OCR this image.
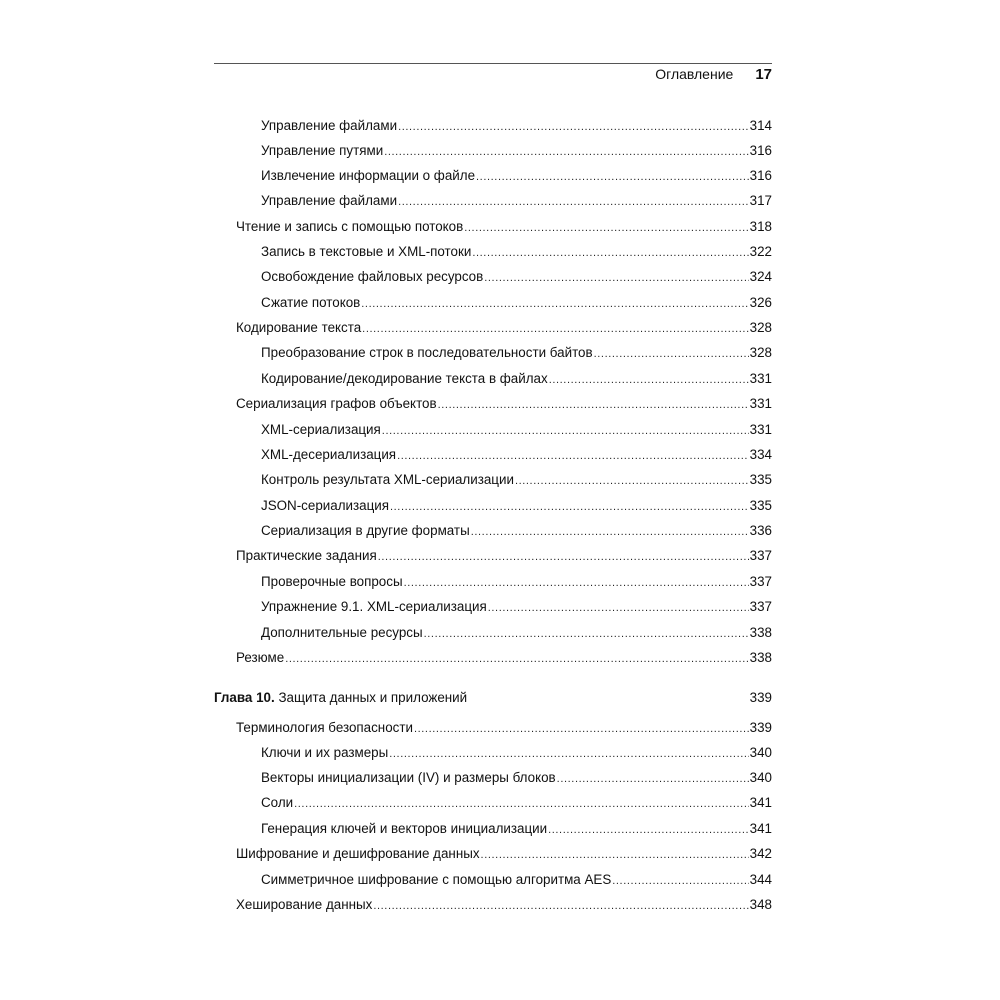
Оглавление 17
Управление файлами .....	314
Управление путями .....	316
Извлечение информации о файле .....	316
Управление файлами .....	317
Чтение и запись с помощью потоков .....	318
Запись в текстовые и XML-потоки .....	322
Освобождение файловых ресурсов .....	324
Сжатие потоков .....	326
Кодирование текста .....	328
Преобразование строк в последовательности байтов .....	328
Кодирование/декодирование текста в файлах .....	331
Сериализация графов объектов .....	331
XML-сериализация .....	331
XML-десериализация .....	334
Контроль результата XML-сериализации .....	335
JSON-сериализация .....	335
Сериализация в другие форматы .....	336
Практические задания .....	337
Проверочные вопросы .....	337
Упражнение 9.1. XML-сериализация .....	337
Дополнительные ресурсы .....	338
Резюме .....	338
Глава 10. Защита данных и приложений	339
Терминология безопасности .....	339
Ключи и их размеры .....	340
Векторы инициализации (IV) и размеры блоков .....	340
Соли .....	341
Генерация ключей и векторов инициализации .....	341
Шифрование и дешифрование данных .....	342
Симметричное шифрование с помощью алгоритма AES .....	344
Хеширование данных .....	348
